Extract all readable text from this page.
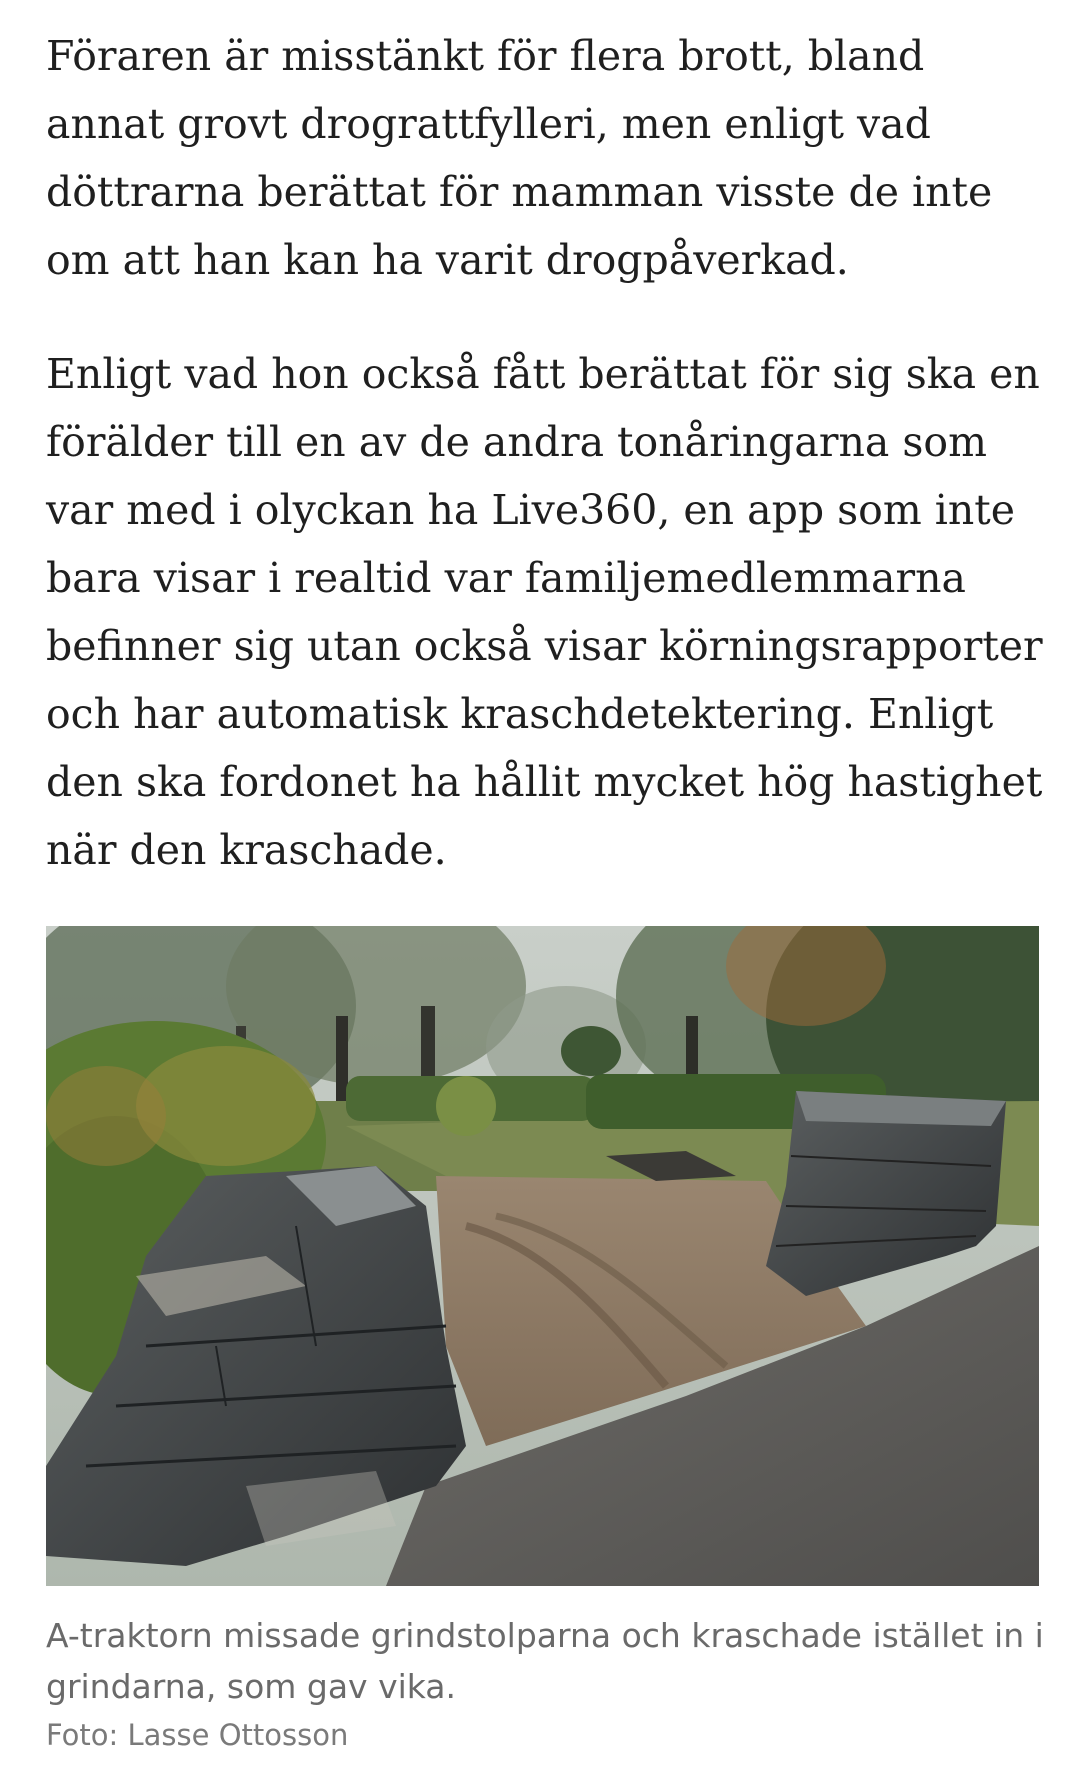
Föraren är misstänkt för flera brott, bland annat grovt drograttfylleri, men enligt vad döttrarna berättat för mamman visste de inte om att han kan ha varit drogpåverkad.

Enligt vad hon också fått berättat för sig ska en förälder till en av de andra tonåringarna som var med i olyckan ha Live360, en app som inte bara visar i realtid var familjemedlemmarna befinner sig utan också visar körningsrapporter och har automatisk kraschdetektering. Enligt den ska fordonet ha hållit mycket hög hastighet när den kraschade.

A-traktorn missade grindstolparna och kraschade istället in i grindarna, som gav vika.

Foto: Lasse Ottosson
